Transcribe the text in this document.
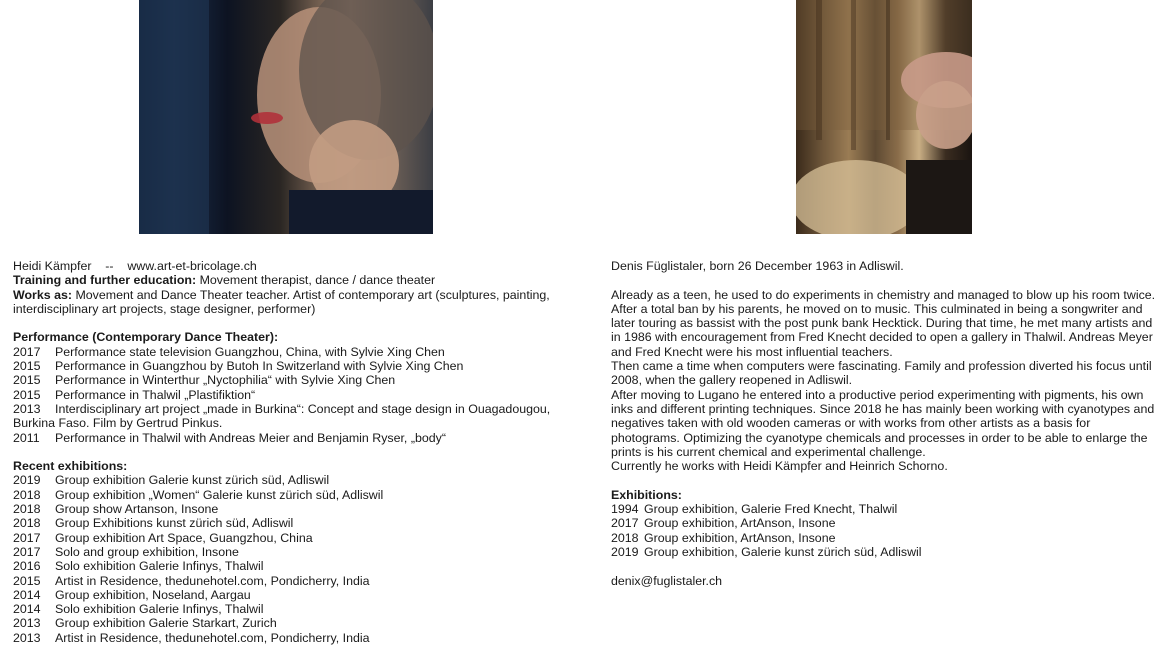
Heidi Kämpfer -- www.art-et-bricolage.ch
Training and further education: Movement therapist, dance / dance theater
Works as: Movement and Dance Theater teacher. Artist of contemporary art (sculptures, painting, interdisciplinary art projects, stage designer, performer)
Performance (Contemporary Dance Theater):
2017 Performance state television Guangzhou, China, with Sylvie Xing Chen
2015 Performance in Guangzhou by Butoh In Switzerland with Sylvie Xing Chen
2015 Performance in Winterthur „Nyctophilia“ with Sylvie Xing Chen
2015 Performance in Thalwil „Plastifiktion“
2013 Interdisciplinary art project „made in Burkina“: Concept and stage design in Ouagadougou, Burkina Faso. Film by Gertrud Pinkus.
2011 Performance in Thalwil with Andreas Meier and Benjamin Ryser, „body“
Recent exhibitions:
2019 Group exhibition Galerie kunst zürich süd, Adliswil
2018 Group exhibition „Women“ Galerie kunst zürich süd, Adliswil
2018 Group show Artanson, Insone
2018 Group Exhibitions kunst zürich süd, Adliswil
2017 Group exhibition Art Space, Guangzhou, China
2017 Solo and group exhibition, Insone
2016 Solo exhibition Galerie Infinys, Thalwil
2015 Artist in Residence, thedunehotel.com, Pondicherry, India
2014 Group exhibition, Noseland, Aargau
2014 Solo exhibition Galerie Infinys, Thalwil
2013 Group exhibition Galerie Starkart, Zurich
2013 Artist in Residence, thedunehotel.com, Pondicherry, India
Denis Füglistaler, born 26 December 1963 in Adliswil.
Already as a teen, he used to do experiments in chemistry and managed to blow up his room twice. After a total ban by his parents, he moved on to music. This culminated in being a songwriter and later touring as bassist with the post punk bank Hecktick. During that time, he met many artists and in 1986 with encouragement from Fred Knecht decided to open a gallery in Thalwil. Andreas Meyer and Fred Knecht were his most influential teachers.
Then came a time when computers were fascinating. Family and profession diverted his focus until 2008, when the gallery reopened in Adliswil.
After moving to Lugano he entered into a productive period experimenting with pigments, his own inks and different printing techniques. Since 2018 he has mainly been working with cyanotypes and negatives taken with old wooden cameras or with works from other artists as a basis for photograms. Optimizing the cyanotype chemicals and processes in order to be able to enlarge the prints is his current chemical and experimental challenge.
Currently he works with Heidi Kämpfer and Heinrich Schorno.
Exhibitions:
1994 Group exhibition, Galerie Fred Knecht, Thalwil
2017 Group exhibition, ArtAnson, Insone
2018 Group exhibition, ArtAnson, Insone
2019 Group exhibition, Galerie kunst zürich süd, Adliswil
denix@fuglistaler.ch
